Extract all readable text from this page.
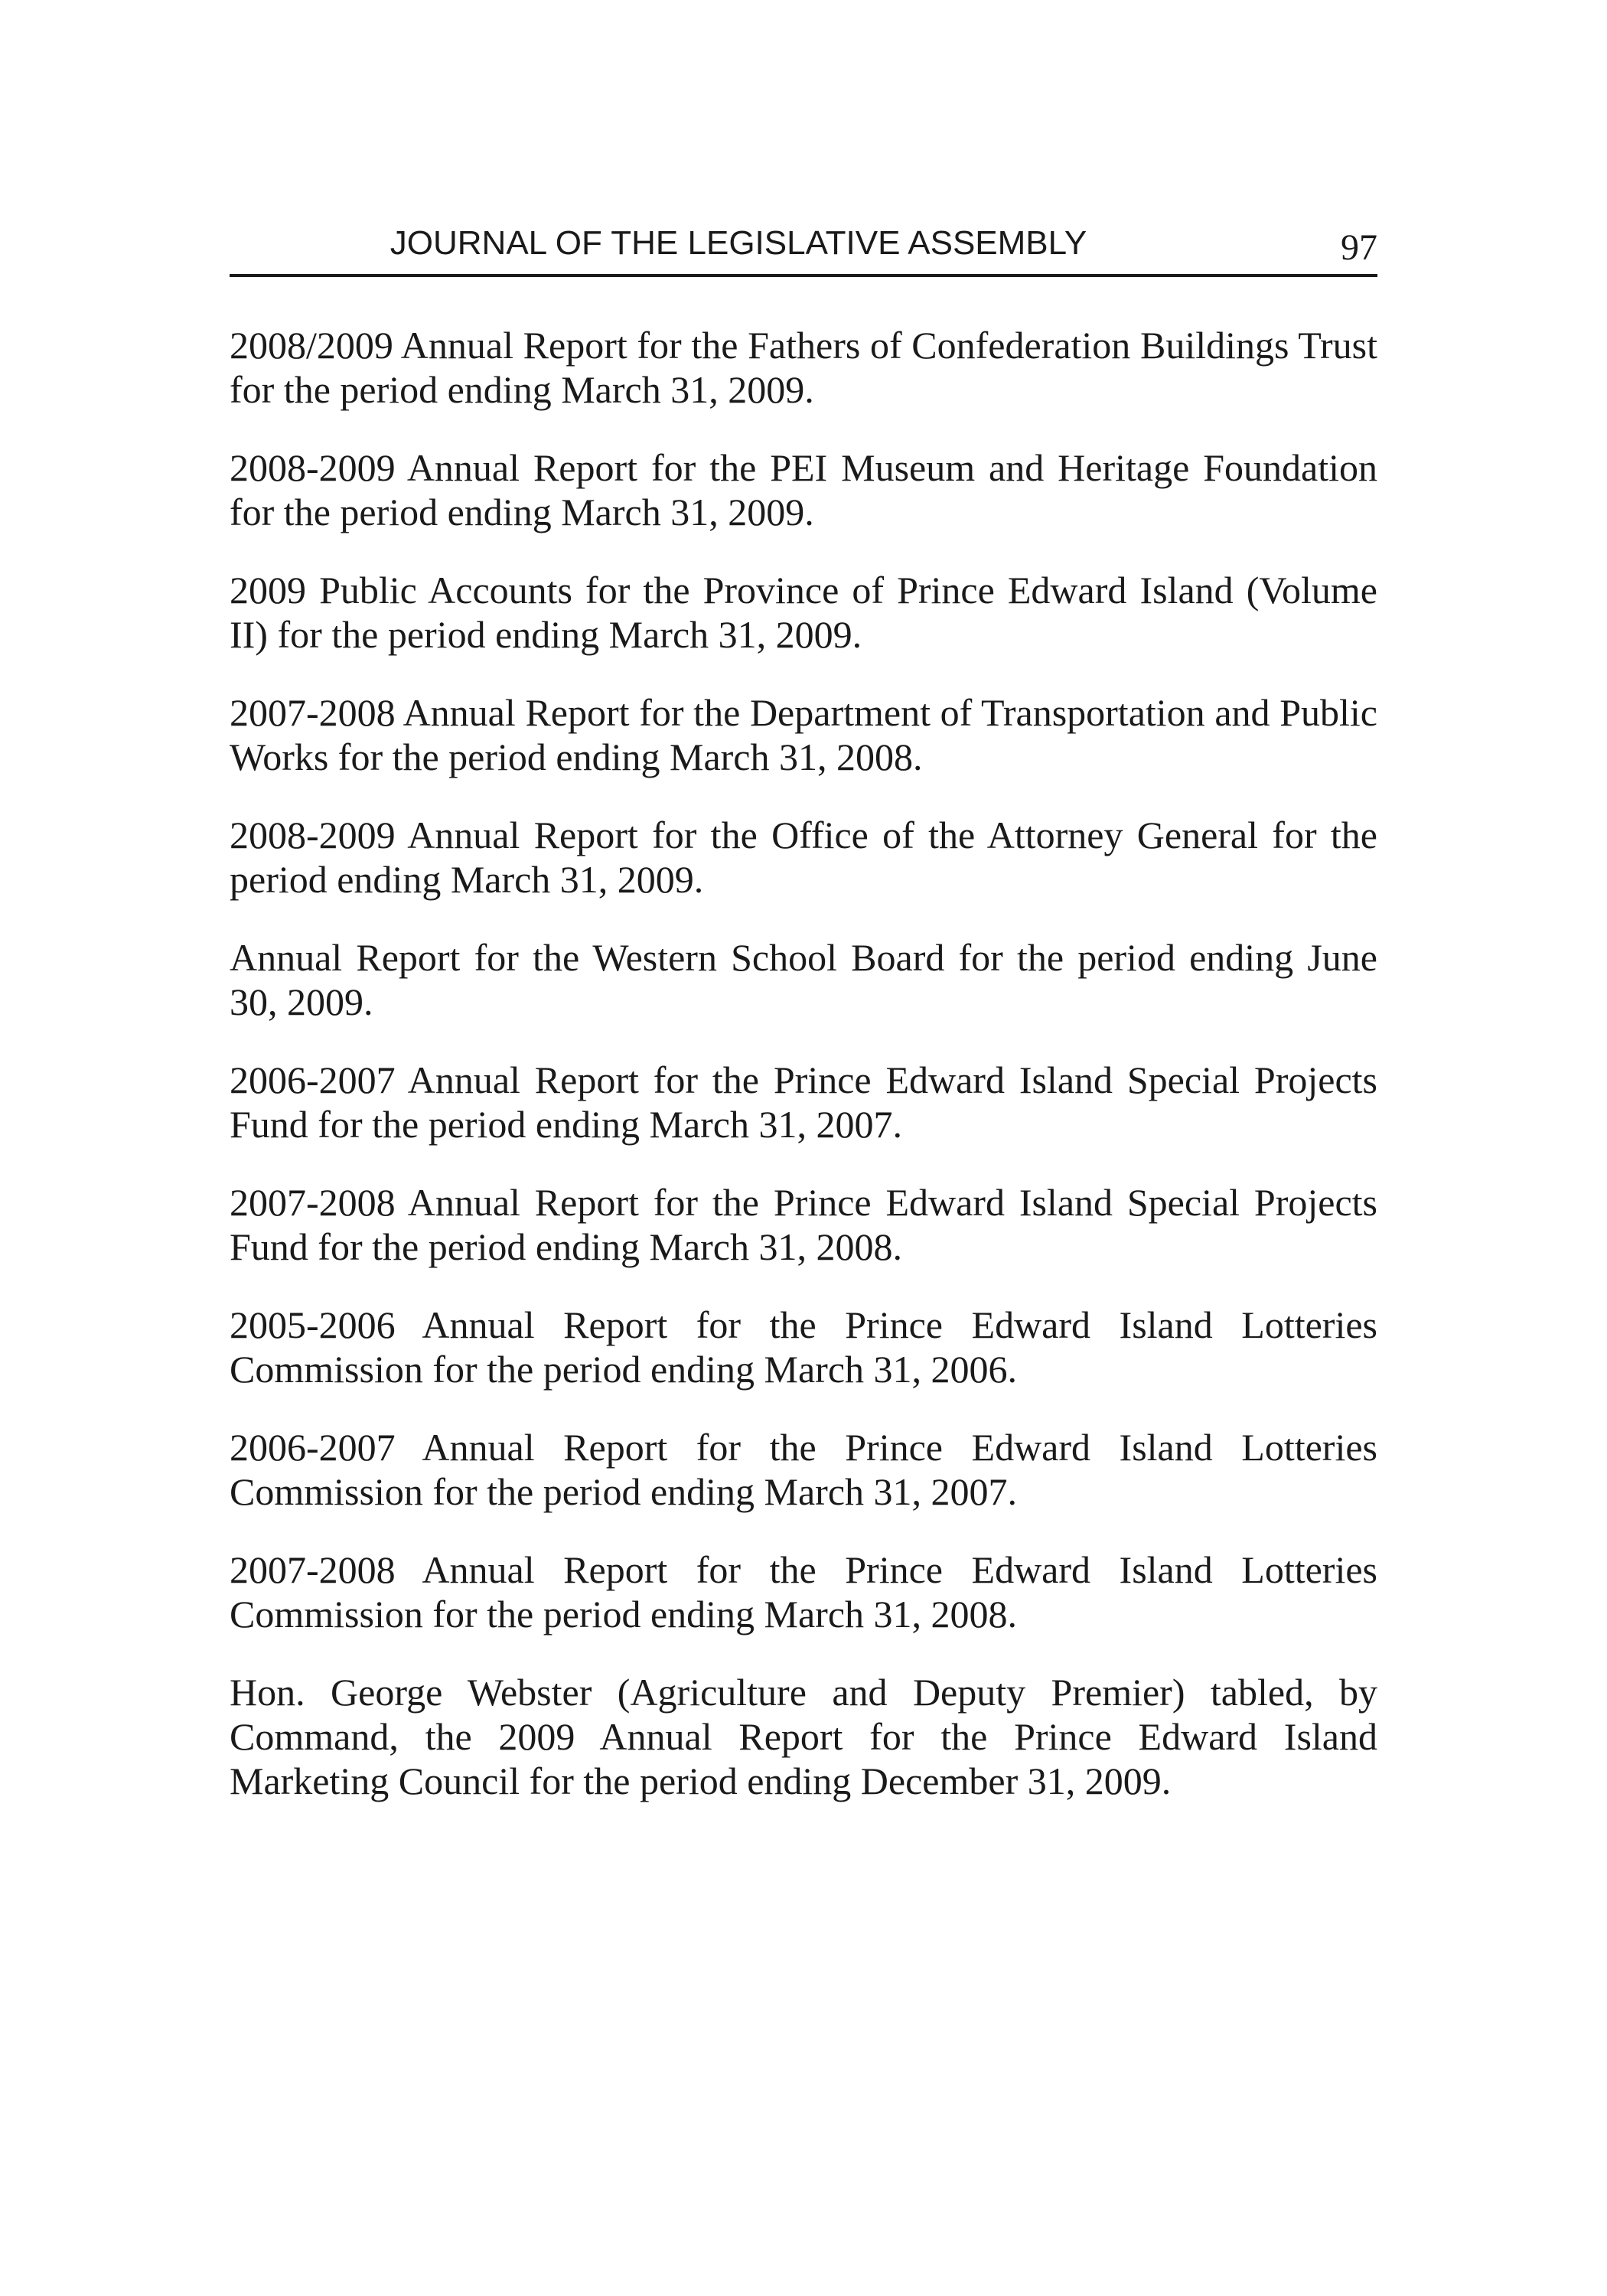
JOURNAL OF THE LEGISLATIVE ASSEMBLY	97

2008/2009 Annual Report for the Fathers of Confederation Buildings Trust for the period ending March 31, 2009.

2008-2009 Annual Report for the PEI Museum and Heritage Foundation for the period ending March 31, 2009.

2009 Public Accounts for the Province of Prince Edward Island (Volume II) for the period ending March 31, 2009.

2007-2008 Annual Report for the Department of Transportation and Public Works for the period ending March 31, 2008.

2008-2009 Annual Report for the Office of the Attorney General for the period ending March 31, 2009.

Annual Report for the Western School Board for the period ending June 30, 2009.

2006-2007 Annual Report for the Prince Edward Island Special Projects Fund for the period ending March 31, 2007.

2007-2008 Annual Report for the Prince Edward Island Special Projects Fund for the period ending March 31, 2008.

2005-2006 Annual Report for the Prince Edward Island Lotteries Commission for the period ending March 31, 2006.

2006-2007 Annual Report for the Prince Edward Island Lotteries Commission for the period ending March 31, 2007.

2007-2008 Annual Report for the Prince Edward Island Lotteries Commission for the period ending March 31, 2008.

Hon. George Webster (Agriculture and Deputy Premier) tabled, by Command, the 2009 Annual Report for the Prince Edward Island Marketing Council for the period ending December 31, 2009.
